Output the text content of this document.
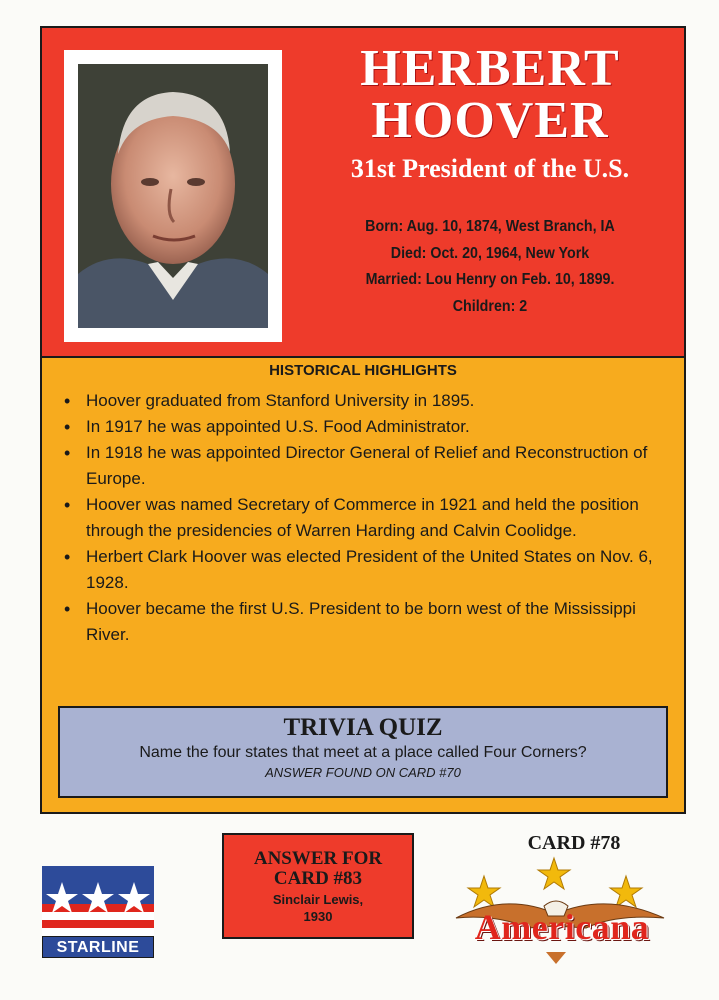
HERBERT
HOOVER
31st President of the U.S.
Born: Aug. 10, 1874, West Branch, IA
Died: Oct. 20, 1964, New York
Married: Lou Henry on Feb. 10, 1899.
Children: 2
HISTORICAL HIGHLIGHTS
• Hoover graduated from Stanford University in 1895.
• In 1917 he was appointed U.S. Food Administrator.
• In 1918 he was appointed Director General of Relief and Reconstruction of Europe.
• Hoover was named Secretary of Commerce in 1921 and held the position through the presidencies of Warren Harding and Calvin Coolidge.
• Herbert Clark Hoover was elected President of the United States on Nov. 6, 1928.
• Hoover became the first U.S. President to be born west of the Mississippi River.
TRIVIA QUIZ
Name the four states that meet at a place called Four Corners?
ANSWER FOUND ON CARD #70
STARLINE
ANSWER FOR
CARD #83
Sinclair Lewis,
1930
CARD #78
Americana
